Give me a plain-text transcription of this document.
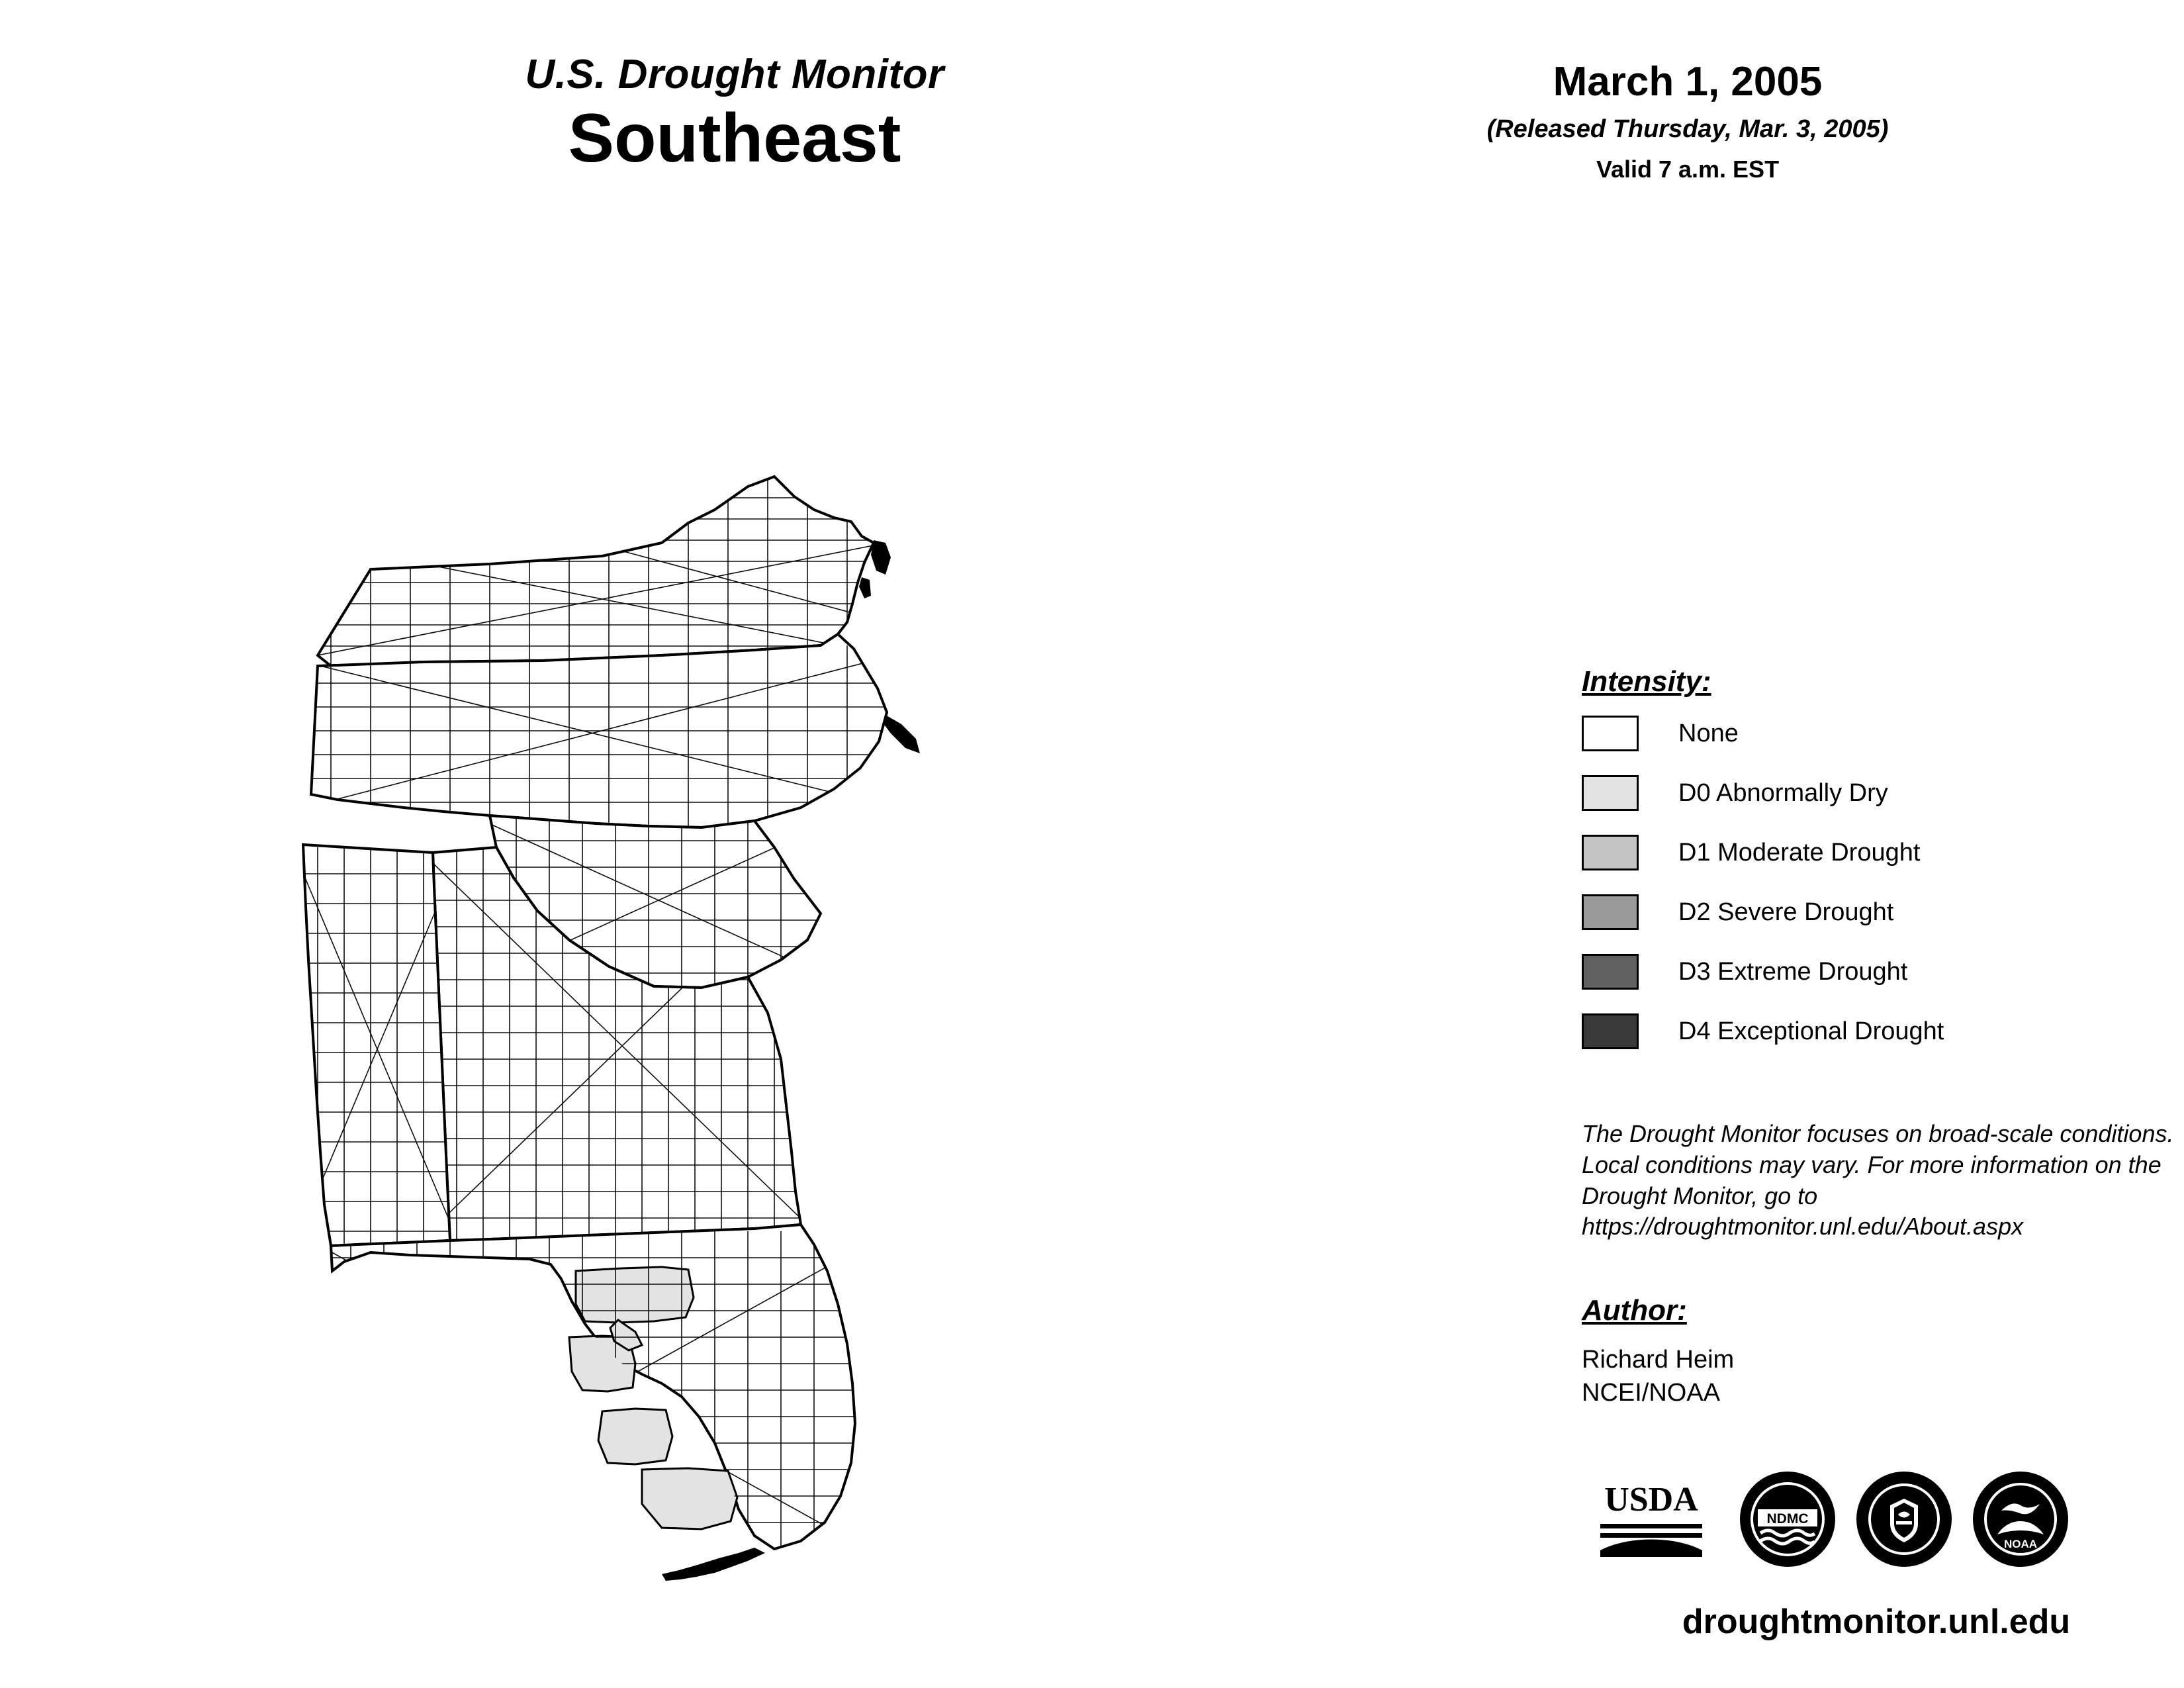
U.S. Drought Monitor
Southeast
March 1, 2005
(Released Thursday, Mar. 3, 2005)
Valid 7 a.m. EST
Intensity:
None
D0 Abnormally Dry
D1 Moderate Drought
D2 Severe Drought
D3 Extreme Drought
D4 Exceptional Drought
The Drought Monitor focuses on broad-scale conditions. Local conditions may vary. For more information on the Drought Monitor, go to https://droughtmonitor.unl.edu/About.aspx
Author:
Richard Heim
NCEI/NOAA
USDA
NDMC
NOAA
droughtmonitor.unl.edu
